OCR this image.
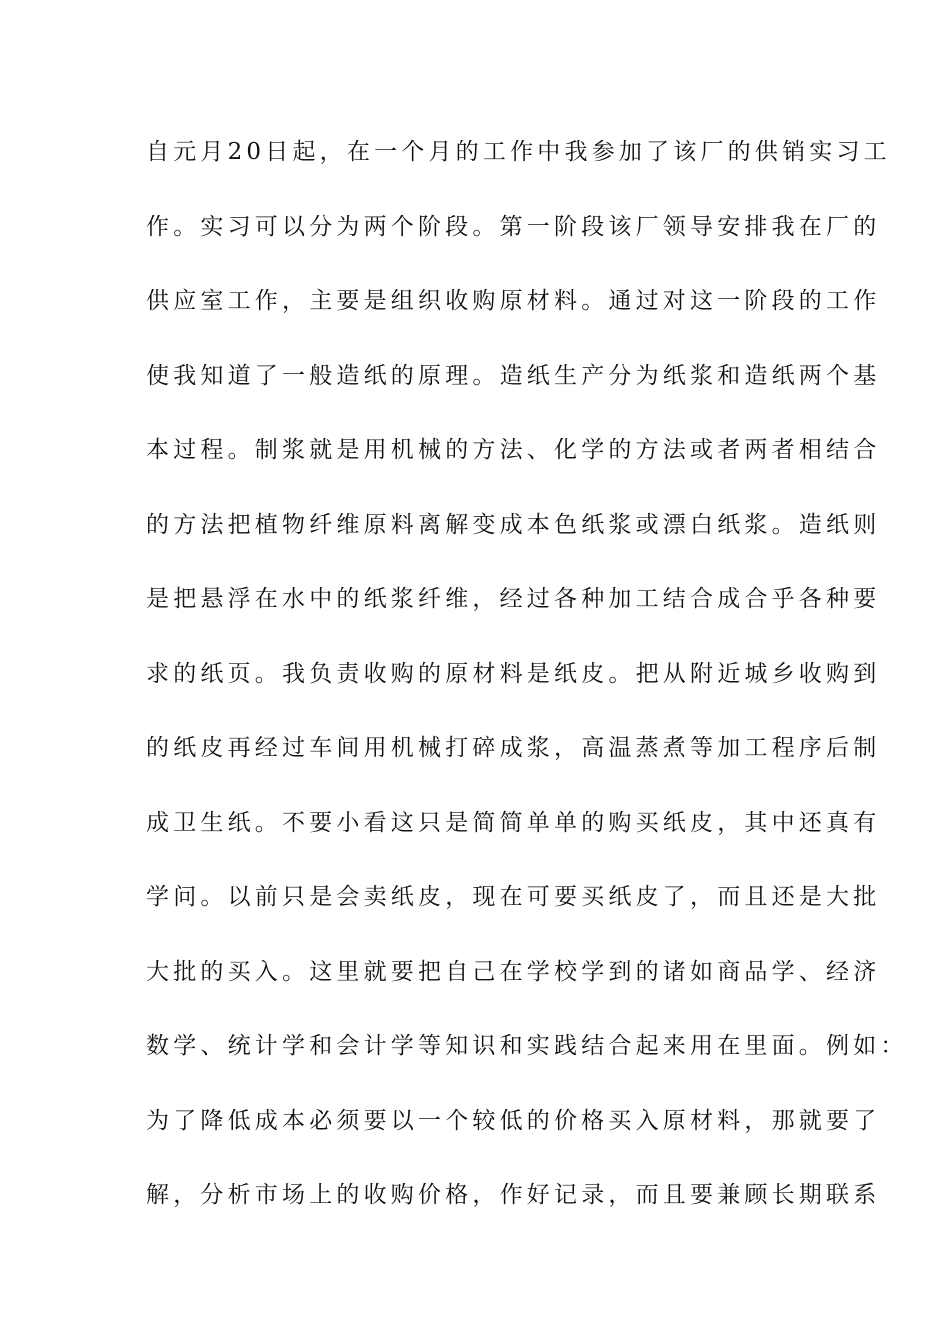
自元月20日起，在一个月的工作中我参加了该厂的供销实习工
作。实习可以分为两个阶段。第一阶段该厂领导安排我在厂的
供应室工作，主要是组织收购原材料。通过对这一阶段的工作
使我知道了一般造纸的原理。造纸生产分为纸浆和造纸两个基
本过程。制浆就是用机械的方法、化学的方法或者两者相结合
的方法把植物纤维原料离解变成本色纸浆或漂白纸浆。造纸则
是把悬浮在水中的纸浆纤维，经过各种加工结合成合乎各种要
求的纸页。我负责收购的原材料是纸皮。把从附近城乡收购到
的纸皮再经过车间用机械打碎成浆，高温蒸煮等加工程序后制
成卫生纸。不要小看这只是简简单单的购买纸皮，其中还真有
学问。以前只是会卖纸皮，现在可要买纸皮了，而且还是大批
大批的买入。这里就要把自己在学校学到的诸如商品学、经济
数学、统计学和会计学等知识和实践结合起来用在里面。例如：
为了降低成本必须要以一个较低的价格买入原材料，那就要了
解，分析市场上的收购价格，作好记录，而且要兼顾长期联系
